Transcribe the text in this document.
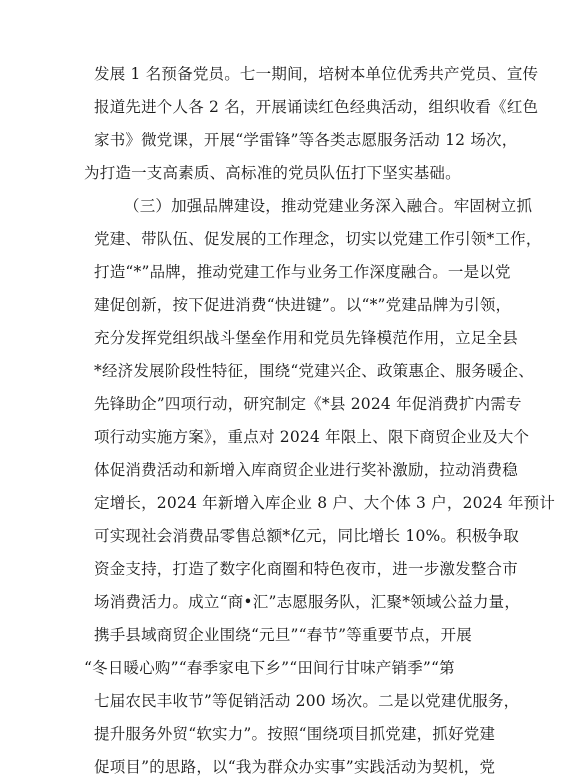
发展 1 名预备党员。七一期间，培树本单位优秀共产党员、宣传
报道先进个人各 2 名，开展诵读红色经典活动，组织收看《红色
家书》微党课，开展“学雷锋”等各类志愿服务活动 12 场次，
为打造一支高素质、高标准的党员队伍打下坚实基础。
（三）加强品牌建设，推动党建业务深入融合。牢固树立抓
党建、带队伍、促发展的工作理念，切实以党建工作引领*工作，
打造“*”品牌，推动党建工作与业务工作深度融合。一是以党
建促创新，按下促进消费“快进键”。以“*”党建品牌为引领，
充分发挥党组织战斗堡垒作用和党员先锋模范作用，立足全县
*经济发展阶段性特征，围绕“党建兴企、政策惠企、服务暖企、
先锋助企”四项行动，研究制定《*县 2024 年促消费扩内需专
项行动实施方案》，重点对 2024 年限上、限下商贸企业及大个
体促消费活动和新增入库商贸企业进行奖补激励，拉动消费稳
定增长，2024 年新增入库企业 8 户、大个体 3 户，2024 年预计
可实现社会消费品零售总额*亿元，同比增长 10%。积极争取
资金支持，打造了数字化商圈和特色夜市，进一步激发整合市
场消费活力。成立“商•汇”志愿服务队，汇聚*领域公益力量，
携手县域商贸企业围绕“元旦”“春节”等重要节点，开展
“冬日暖心购”“春季家电下乡”“田间行甘味产销季”“第
七届农民丰收节”等促销活动 200 场次。二是以党建优服务，
提升服务外贸“软实力”。按照“围绕项目抓党建，抓好党建
促项目”的思路，以“我为群众办实事”实践活动为契机，党
